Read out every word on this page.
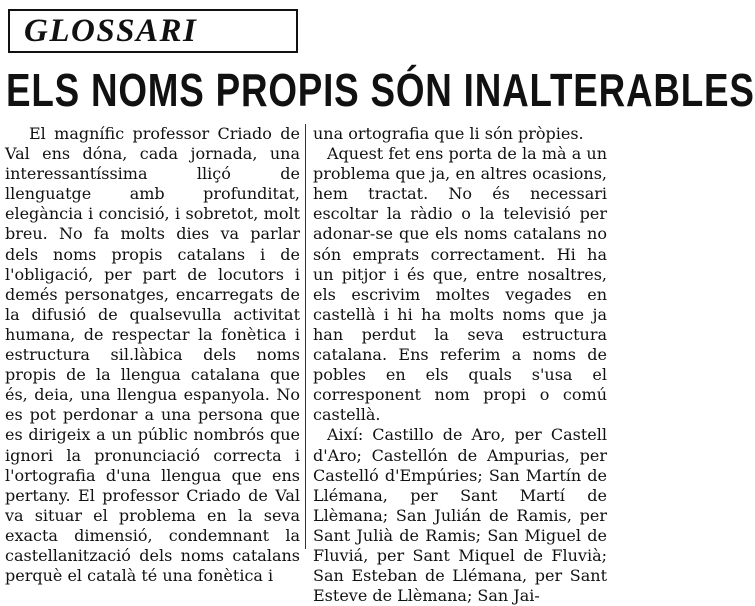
GLOSSARI
ELS NOMS PROPIS SÓN INALTERABLES

El magnífic professor Criado de Val ens dóna, cada jornada, una interessantíssima lliçó de llenguatge amb profunditat, elegància i concisió, i sobretot, molt breu. No fa molts dies va parlar dels noms propis catalans i de l'obligació, per part de locutors i demés personatges, encarregats de la difusió de qualsevulla activitat humana, de respectar la fonètica i estructura sil.làbica dels noms propis de la llengua catalana que és, deia, una llengua espanyola. No es pot perdonar a una persona que es dirigeix a un públic nombrós que ignori la pronunciació correcta i l'ortografia d'una llengua que ens pertany. El professor Criado de Val va situar el problema en la seva exacta dimensió, condemnant la castellanització dels noms catalans perquè el català té una fonètica i

una ortografia que li són pròpies.

Aquest fet ens porta de la mà a un problema que ja, en altres ocasions, hem tractat. No és necessari escoltar la ràdio o la televisió per adonar-se que els noms catalans no són emprats correctament. Hi ha un pitjor i és que, entre nosaltres, els escrivim moltes vegades en castellà i hi ha molts noms que ja han perdut la seva estructura catalana. Ens referim a noms de pobles en els quals s'usa el corresponent nom propi o comú castellà.

Així: Castillo de Aro, per Castell d'Aro; Castellón de Ampurias, per Castelló d'Empúries; San Martín de Llémana, per Sant Martí de Llèmana; San Julián de Ramis, per Sant Julià de Ramis; San Miguel de Fluviá, per Sant Miquel de Fluvià; San Esteban de Llémana, per Sant Esteve de Llèmana; San Jai-
